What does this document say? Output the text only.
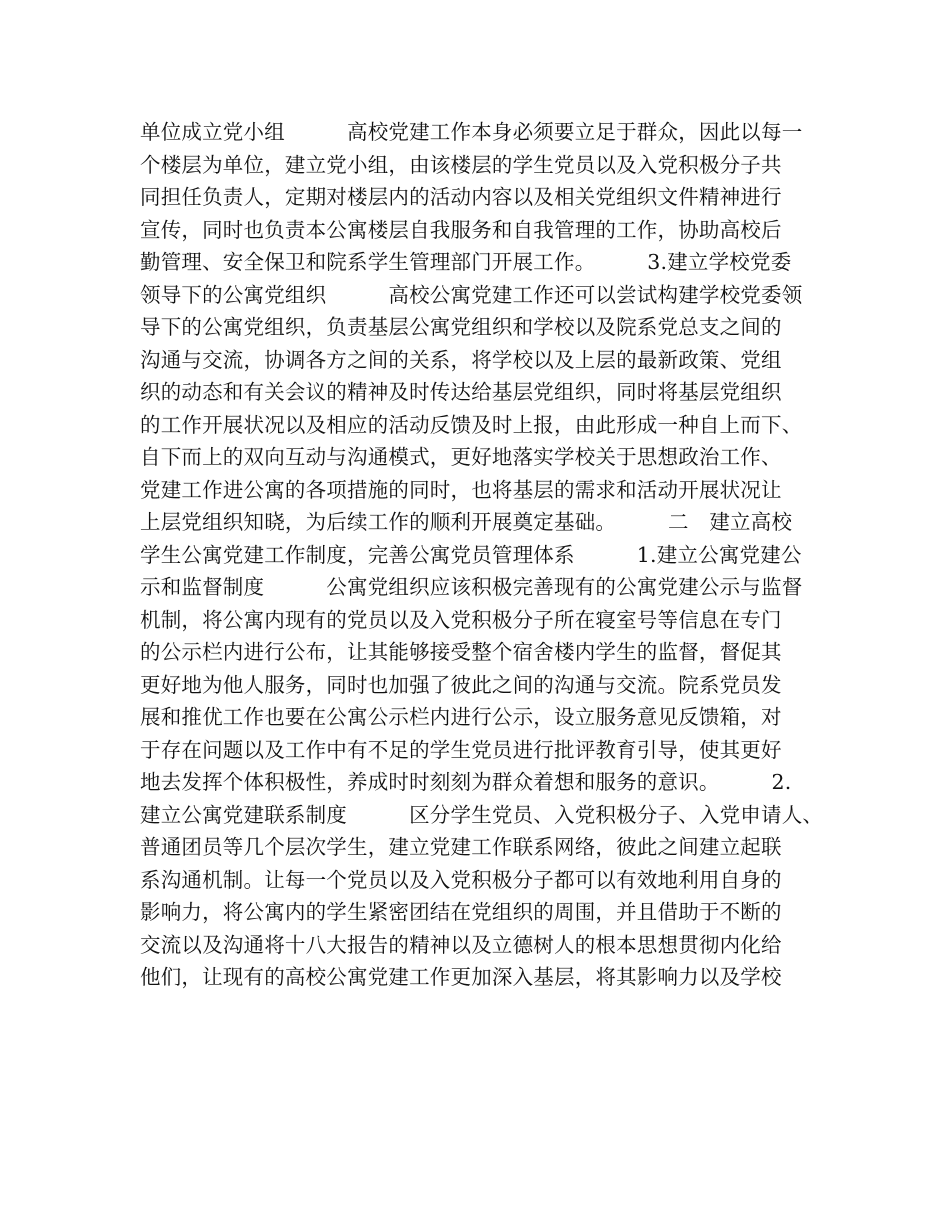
单位成立党小组　　　高校党建工作本身必须要立足于群众，因此以每一
个楼层为单位，建立党小组，由该楼层的学生党员以及入党积极分子共
同担任负责人，定期对楼层内的活动内容以及相关党组织文件精神进行
宣传，同时也负责本公寓楼层自我服务和自我管理的工作，协助高校后
勤管理、安全保卫和院系学生管理部门开展工作。　　　3.建立学校党委
领导下的公寓党组织　　　高校公寓党建工作还可以尝试构建学校党委领
导下的公寓党组织，负责基层公寓党组织和学校以及院系党总支之间的
沟通与交流，协调各方之间的关系，将学校以及上层的最新政策、党组
织的动态和有关会议的精神及时传达给基层党组织，同时将基层党组织
的工作开展状况以及相应的活动反馈及时上报，由此形成一种自上而下、
自下而上的双向互动与沟通模式，更好地落实学校关于思想政治工作、
党建工作进公寓的各项措施的同时，也将基层的需求和活动开展状况让
上层党组织知晓，为后续工作的顺利开展奠定基础。　　　二　建立高校
学生公寓党建工作制度，完善公寓党员管理体系　　　1.建立公寓党建公
示和监督制度　　　公寓党组织应该积极完善现有的公寓党建公示与监督
机制，将公寓内现有的党员以及入党积极分子所在寝室号等信息在专门
的公示栏内进行公布，让其能够接受整个宿舍楼内学生的监督，督促其
更好地为他人服务，同时也加强了彼此之间的沟通与交流。院系党员发
展和推优工作也要在公寓公示栏内进行公示，设立服务意见反馈箱，对
于存在问题以及工作中有不足的学生党员进行批评教育引导，使其更好
地去发挥个体积极性，养成时时刻刻为群众着想和服务的意识。　　　2.
建立公寓党建联系制度　　　区分学生党员、入党积极分子、入党申请人、
普通团员等几个层次学生，建立党建工作联系网络，彼此之间建立起联
系沟通机制。让每一个党员以及入党积极分子都可以有效地利用自身的
影响力，将公寓内的学生紧密团结在党组织的周围，并且借助于不断的
交流以及沟通将十八大报告的精神以及立德树人的根本思想贯彻内化给
他们，让现有的高校公寓党建工作更加深入基层，将其影响力以及学校
